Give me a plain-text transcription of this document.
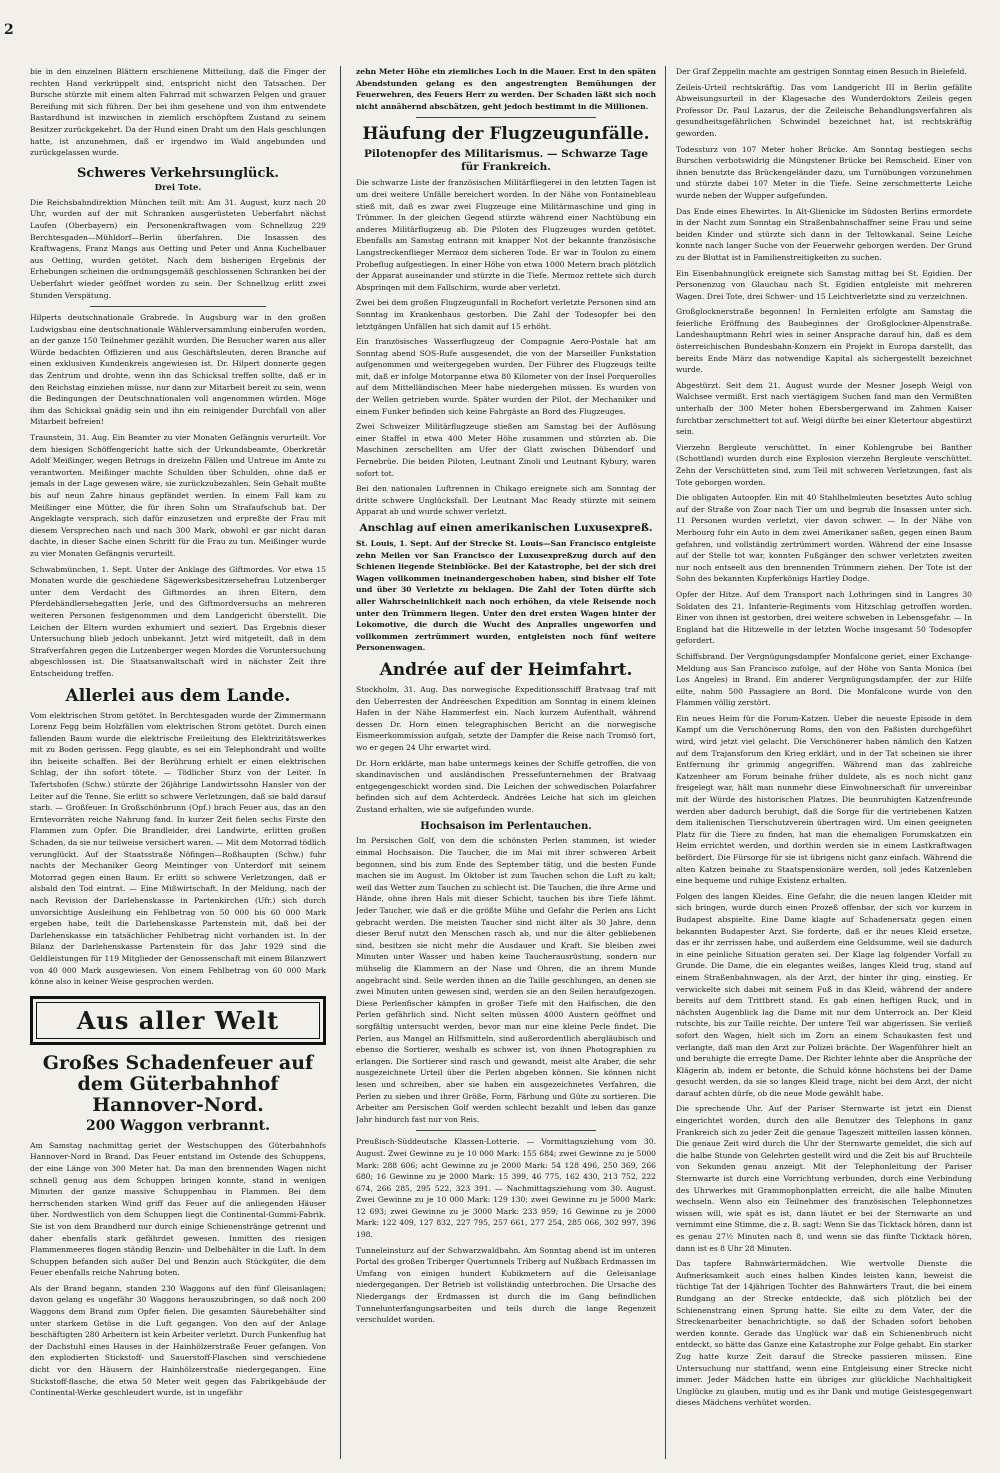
2

bie in den einzelnen Blättern erschienene Mitteilung, daß die Finger der rechten Hand verkrüppelt sind, entspricht nicht den Tatsachen. Der Bursche stürzte mit einem alten Fahrrad mit schwarzen Felgen und grauer Bereifung mit sich führen. Der bei ihm gesehene und von ihm entwendete Bastardhund ist inzwischen in ziemlich erschöpftem Zustand zu seinem Besitzer zurückgekehrt. Da der Hund einen Draht um den Hals geschlungen hatte, ist anzunehmen, daß er irgendwo im Wald angebunden und zurückgelassen wurde.

Schweres Verkehrsunglück.
Drei Tote.

Die Reichsbahndirektion München teilt mit: Am 31. August, kurz nach 20 Uhr, wurden auf der mit Schranken ausgerüsteten Ueberfahrt nächst Laufen (Oberbayern) ein Personenkraftwagen vom Schnellzug 229 Berchtesgaden—Mühldorf—Berlin überfahren. Die Insassen des Kraftwagens, Franz Mangs aus Oetting und Peter und Anna Kuchelbauer aus Oetting, wurden getötet. Nach dem bisherigen Ergebnis der Erhebungen scheinen die ordnungsgemäß geschlossenen Schranken bei der Ueberfahrt wieder geöffnet worden zu sein. Der Schnellzug erlitt zwei Stunden Verspätung.

Hilperts deutschnationale Grabrede. In Augsburg war in den großen Ludwigsbau eine deutschnationale Wählerversammlung einberufen worden, an der ganze 150 Teilnehmer gezählt wurden. Die Besucher waren aus aller Würde bedachten Offizieren und aus Geschäftsleuten, deren Branche auf einen exklusiven Kundenkreis angewiesen ist. Dr. Hilpert donnerte gegen das Zentrum und drohte, wenn ihn das Schicksal treffen sollte, daß er in den Reichstag einziehen müsse, nur dann zur Mitarbeit bereit zu sein, wenn die Bedingungen der Deutschnationalen voll angenommen würden. Möge ihm das Schicksal gnädig sein und ihn ein reinigender Durchfall von aller Mitarbeit befreien!

Traunstein, 31. Aug. Ein Beamter zu vier Monaten Gefängnis verurteilt. Vor dem hiesigen Schöffengericht hatte sich der Urkundsbeamte, Oberkretär Adolf Meißinger, wegen Betrugs in dreizehn Fällen und Untreue im Amte zu verantworten. Meißinger machte Schulden über Schulden, ohne daß er jemals in der Lage gewesen wäre, sie zurückzubezahlen. Sein Gehalt mußte bis auf neun Zahre hinaus gepfändet werden. In einem Fall kam zu Meißinger eine Mütter, die für ihren Sohn um Strafaufschub bat. Der Angeklagte versprach, sich dafür einzusetzen und erpreßte der Frau mit diesem Versprechen nach und nach 300 Mark, obwohl er gar nicht daran dachte, in dieser Sache einen Schritt für die Frau zu tun. Meißinger wurde zu vier Monaten Gefängnis verurteilt.

Schwabmünchen, 1. Sept. Unter der Anklage des Giftmordes. Vor etwa 15 Monaten wurde die geschiedene Sägewerksbesitzersehefrau Lutzenberger unter dem Verdacht des Giftmordes an ihren Eltern, dem Pferdehändlersehegatten Jerle, und des Giftmordversuchs an mehreren weiteren Personen festgenommen und dem Landgericht überstellt. Die Leichen der Eltern wurden exhumiert und seziert. Das Ergebnis dieser Untersuchung blieb jedoch unbekannt. Jetzt wird mitgeteilt, daß in dem Strafverfahren gegen die Lutzenberger wegen Mordes die Voruntersuchung abgeschlossen ist. Die Staatsanwaltschaft wird in nächster Zeit ihre Entscheidung treffen.

Allerlei aus dem Lande.

Vom elektrischen Strom getötet. In Berchtesgaden wurde der Zimmermann Lorenz Fegg beim Holzfällen vom elektrischen Strom getötet. Durch einen fallenden Baum wurde die elektrische Freileitung des Elektrizitätswerkes mit zu Boden gerissen. Fegg glaubte, es sei ein Telephondraht und wollte ihn beiseite schaffen. Bei der Berührung erhielt er einen elektrischen Schlag, der ihn sofort tötete. — Tödlicher Sturz von der Leiter. In Tafertshofen (Schw.) stürzte der 26jährige Landwirtssohn Hansler von der Leiter auf die Tenne. Sie erlitt so schwere Verletzungen, daß sie bald darauf starb. — Großfeuer. In Großschönbrunn (Opf.) brach Feuer aus, das an den Erntevorräten reiche Nahrung fand. In kurzer Zeit fielen sechs Firste den Flammen zum Opfer. Die Brandleider, drei Landwirte, erlitten großen Schaden, da sie nur teilweise versichert waren. — Mit dem Motorrad tödlich verunglückt. Auf der Staatsstraße Nöfingen—Roßhaupten (Schw.) fuhr nachts der Mechaniker Georg Meintinger von Unterdorf mit seinem Motorrad gegen einen Baum. Er erlitt so schwere Verletzungen, daß er alsbald den Tod eintrat. — Eine Mißwirtschaft. In der Meldung, nach der nach Revision der Darlehenskasse in Partenkirchen (Ufr.) sich durch unvorsichtige Ausleihung ein Fehlbetrag von 50 000 bis 60 000 Mark ergeben habe, teilt die Darlehenskasse Partenstein mit, daß bei der Darlehenskasse ein tatsächlicher Fehlbetrag nicht vorhanden ist. In der Bilanz der Darlehenskasse Partenstein für das Jahr 1929 sind die Geldleistungen für 119 Mitglieder der Genossenschaft mit einem Bilanzwert von 40 000 Mark ausgewiesen. Von einem Fehlbetrag von 60 000 Mark könne also in keiner Weise gesprochen werden.

Aus aller Welt
Großes Schadenfeuer auf dem Güterbahnhof Hannover-Nord.
200 Waggon verbrannt.

Am Samstag nachmittag geriet der Westschuppen des Güterbahnhofs Hannover-Nord in Brand. Das Feuer entstand im Ostende des Schuppens, der eine Länge von 300 Meter hat. Da man den brennenden Wagen nicht schnell genug aus dem Schuppen bringen konnte, stand in wenigen Minuten der ganze massive Schuppenbau in Flammen. Bei dem herrschenden starken Wind griff das Feuer auf die anliegenden Häuser über. Nordwestlich von dem Schuppen liegt die Continental-Gummi-Fabrik. Sie ist von dem Brandherd nur durch einige Schienenstränge getrennt und daher ebenfalls stark gefährdet gewesen. Inmitten des riesigen Flammenmeeres flogen ständig Benzin- und Delbehälter in die Luft. In dem Schuppen befanden sich außer Del und Benzin auch Stückgüter, die dem Feuer ebenfalls reiche Nahrung boten.

Als der Brand begann, standen 230 Waggons auf den fünf Gleisanlagen; davon gelang es ungefähr 30 Waggons herauszubringen, so daß noch 200 Waggons dem Brand zum Opfer fielen. Die gesamten Säurebehälter sind unter starkem Getöse in die Luft gegangen. Von den auf der Anlage beschäftigten 280 Arbeitern ist kein Arbeiter verletzt. Durch Funkenflug hat der Dachstuhl eines Hauses in der Hainhölzerstraße Feuer gefangen. Von den explodierten Stickstoff- und Sauerstoff-Flaschen sind verschiedene dicht vor den Häusern der Hainhölzerstraße niedergegangen. Eine Stickstoff-flasche, die etwa 50 Meter weit gegen das Fabrikgebäude der Continental-Werke geschleudert wurde, ist in ungefähr

zehn Meter Höhe ein ziemliches Loch in die Mauer. Erst in den späten Abendstunden gelang es den angestrengten Bemühungen der Feuerwehren, des Feuers Herr zu werden. Der Schaden läßt sich noch nicht annähernd abschätzen, geht jedoch bestimmt in die Millionen.

Häufung der Flugzeugunfälle.
Pilotenopfer des Militarismus. — Schwarze Tage für Frankreich.

Die schwarze Liste der französischen Militärfliegerei in den letzten Tagen ist um drei weitere Unfälle bereichert worden. In der Nähe von Fontainebleau stieß mit, daß es zwar zwei Flugzeuge eine Militärmaschine und ging in Trümmer. In der gleichen Gegend stürzte während einer Nachtübung ein anderes Militärflugzeug ab. Die Piloten des Flugzeuges wurden getötet. Ebenfalls am Samstag entrann mit knapper Not der bekannte französische Langstreckenflieger Mermoz dem sicheren Tode. Er war in Toulon zu einem Probeflug aufgestiegen. In einer Höhe von etwa 1000 Metern brach plötzlich der Apparat auseinander und stürzte in die Tiefe. Mermoz rettete sich durch Absprinqen mit dem Fallschirm, wurde aber verletzt.

Zwei bei dem großen Flugzeugunfall in Rochefort verletzte Personen sind am Sonntag im Krankenhaus gestorben. Die Zahl der Todesopfer bei den letztgängen Unfällen hat sich damit auf 15 erhöht.

Ein französisches Wasserflugzeug der Compagnie Aero-Postale hat am Sonntag abend SOS-Rufe ausgesendet, die von der Marseiller Funkstation aufgenommen und weitergegeben wurden. Der Führer des Flugzeugs teilte mit, daß er infolge Motorpanne etwa 80 Kilometer von der Insel Porquerolles auf dem Mittelländischen Meer habe niedergehen müssen. Es wurden von der Wellen getrieben wurde. Später wurden der Pilot, der Mechaniker und einem Funker befinden sich keine Fahrgäste an Bord des Flugzeuges.

Zwei Schweizer Militärflugzeuge stießen am Samstag bei der Auflösung einer Staffel in etwa 400 Meter Höhe zusammen und stürzten ab. Die Maschinen zerschellten am Ufer der Glatt zwischen Dübendorf und Fernebrüe. Die beiden Piloten, Leutnant Zinoli und Leutnant Kybury, waren sofort tot.

Bei den nationalen Luftrennen in Chikago ereignete sich am Sonntag der dritte schwere Unglücksfall. Der Leutnant Mac Ready stürzte mit seinem Apparat ab und wurde schwer verletzt.

Anschlag auf einen amerikanischen Luxusexpreß.

St. Louis, 1. Sept. Auf der Strecke St. Louis—San Francisco entgleiste zehn Meilen vor San Francisco der Luxusexpreßzug durch auf den Schienen liegende Steinblöcke. Bei der Katastrophe, bei der sich drei Wagen vollkommen ineinandergeschoben haben, sind bisher elf Tote und über 30 Verletzte zu beklagen. Die Zahl der Toten dürfte sich aller Wahrscheinlichkeit nach noch erhöhen, da viele Reisende noch unter den Trümmern liegen. Unter den drei ersten Wagen hinter der Lokomotive, die durch die Wucht des Anpralles ungeworfen und vollkommen zertrümmert wurden, entgleisten noch fünf weitere Personenwagen.

Andrée auf der Heimfahrt.

Stockholm, 31. Aug. Das norwegische Expeditionsschiff Bratvaag traf mit den Ueberresten der Andréeschen Expedition am Sonntag in einem kleinen Hafen in der Nähe Hammerfest ein. Nach kurzem Aufenthalt, während dessen Dr. Horn einen telegraphischen Bericht an die norwegische Eismeerkommission aufgab, setzte der Dampfer die Reise nach Tromsö fort, wo er gegen 24 Uhr erwartet wird.

Dr. Horn erklärte, man habe untermegs keines der Schiffe getroffen, die von skandinavischen und ausländischen Pressefunternehmen der Bratvaag entgegengeschickt worden sind. Die Leichen der schwedischen Polarfahrer befinden sich auf dem Achterdeck. Andrées Leiche hat sich im gleichen Zustand erhalten, wie sie aufgefunden wurde.

Hochsaison im Perlentauchen.

Im Persischen Golf, von dem die schönsten Perlen stammen, ist wieder einmal Hochsaison. Die Taucher, die im Mai mit ihrer schweren Arbeit begonnen, sind bis zum Ende des September tätig, und die besten Funde machen sie im August. Im Oktober ist zum Tauchen schon die Luft zu kalt; weil das Wetter zum Tauchen zu schlecht ist. Die Tauchen, die ihre Arme und Hände, ohne ihren Hals mit dieser Schicht, tauchen bis ihre Tiefe lähmt. Jeder Taucher, wie daß er die größte Mühe und Gefahr die Perlen ans Licht gebracht werden. Die meisten Taucher sind nicht älter als 30 Jahre, denn dieser Beruf nutzt den Menschen rasch ab, und nur die älter gebliebenen sind, besitzen sie nicht mehr die Ausdauer und Kraft. Sie bleiben zwei Minuten unter Wasser und haben keine Taucherausrüstung, sondern nur mühselig die Klammern an der Nase und Ohren, die an ihrem Munde angebracht sind. Seile werden ihnen an die Taille geschlungen, an denen sie zwei Minuten unten gewesen sind, werden sie an den Seilen heraufgezogen. Diese Perlenfischer kämpfen in großer Tiefe mit den Haifischen, die den Perlen gefährlich sind. Nicht selten müssen 4000 Austern geöffnet und sorgfältig untersucht werden, bevor man nur eine kleine Perle findet. Die Perlen, aus Mangel an Hilfsmitteln, sind außerordentlich abergläubisch und ebenso die Sortierer, weshalb es schwer ist, von ihnen Photographien zu erlangen. Die Sortierer sind rasch und gewandt, meist alte Araber, die sehr ausgezeichnete Urteil über die Perlen abgeben können. Sie können nicht lesen und schreiben, aber sie haben ein ausgezeichnetes Verfahren, die Perlen zu sieben und ihrer Größe, Form, Färbung und Güte zu sortieren. Die Arbeiter am Persischen Golf werden schlecht bezahlt und leben das ganze Jahr hindurch fast nur von Reis.

Preußisch-Süddeutsche Klassen-Lotterie. — Vormittagsziehung vom 30. August. Zwei Gewinne zu je 10 000 Mark: 155 684; zwei Gewinne zu je 5000 Mark: 288 606; acht Gewinne zu je 2000 Mark: 54 128 496, 250 369, 266 680; 16 Gewinne zu je 2000 Mark: 15 399, 46 775, 162 430, 213 752, 222 674, 266 285, 295 522, 323 391. — Nachmittagsziehung vom 30. August. Zwei Gewinne zu je 10 000 Mark: 129 130; zwei Gewinne zu je 5000 Mark: 12 693; zwei Gewinne zu je 3000 Mark: 233 959; 16 Gewinne zu je 2000 Mark: 122 409, 127 832, 227 795, 257 661, 277 254, 285 066, 302 997, 396 198.

Tunneleinsturz auf der Schwarzwaldbahn. Am Sonntag abend ist im unteren Portal des großen Triberger Quertunnels Triberg auf Nußbach Erdmassen im Umfang von einigen hundert Kubikmetern auf die Geleisanlage niedergegangen. Der Betrieb ist vollständig unterbrochen. Die Ursache des Niedergangs der Erdmassen ist durch die im Gang befindlichen Tunnelunterfangungsarbeiten und teils durch die lange Regenzeit verschuldet worden.

Der Graf Zeppelin machte am gestrigen Sonntag einen Besuch in Bielefeld.

Zeileis-Urteil rechtskräftig. Das vom Landgericht III in Berlin gefällte Abweisungsurteil in der Klagesache des Wunderdoktors Zeileis gegen Professor Dr. Paul Lazarus, der die Zeileische Behandlungsverfahren als gesundheitsgefährlichen Schwindel bezeichnet hat, ist rechtskräftig geworden.

Todessturz von 107 Meter hoher Brücke. Am Sonntag bestiegen sechs Burschen verbotswidrig die Müngstener Brücke bei Remscheid. Einer von ihnen benutzte das Brückengeländer dazu, um Turnübungen vorzunehmen und stürzte dabei 107 Meter in die Tiefe. Seine zerschmetterte Leiche wurde neben der Wupper aufgefunden.

Das Ende eines Ehewirtes. In Alt-Glienicke im Südosten Berlins ermordete in der Nacht zum Sonntag ein Straßenbahnschaffner seine Frau und seine beiden Kinder und stürzte sich dann in der Teltowkanal. Seine Leiche konnte nach langer Suche von der Feuerwehr geborgen werden. Der Grund zu der Bluttat ist in Familienstreitigkeiten zu suchen.

Ein Eisenbahnunglück ereignete sich Samstag mittag bei St. Egidien. Der Personenzug von Glauchau nach St. Egidien entgleiste mit mehreren Wagen. Drei Tote, drei Schwer- und 15 Leichtverletzte sind zu verzeichnen.

Großglocknerstraße begonnen! In Fernleiten erfolgte am Samstag die feierliche Eröffnung des Baubeginnes der Großglockner-Alpenstraße. Landeshauptmann Rehrl wies in seiner Ansprache darauf hin, daß es dem österreichischen Bundesbahn-Konzern ein Projekt in Europa darstellt, das bereits Ende März das notwendige Kapital als sichergestellt bezeichnet wurde.

Abgestürzt. Seit dem 21. August wurde der Mesner Joseph Weigl von Walchsee vermißt. Erst nach viertägigem Suchen fand man den Vermißten unterhalb der 300 Meter hohen Ebersbergerwand im Zahmen Kaiser furchtbar zerschmettert tot auf. Weigl dürfte bei einer Kletertour abgestürzt sein.

Vierzehn Bergleute verschüttet. In einer Kohlengrube bei Banther (Schottland) wurden durch eine Explosion vierzehn Bergleute verschüttet. Zehn der Verschütteten sind, zum Teil mit schweren Verletzungen, fast als Tote geborgen worden.

Die obligaten Autoopfer. Ein mit 40 Stahlhelmleuten besetztes Auto schlug auf der Straße von Zoar nach Tier um und begrub die Insassen unter sich. 11 Personen wurden verletzt, vier davon schwer. — In der Nähe von Merbourg fuhr ein Auto in dem zwei Amerikaner saßen, gegen einen Baum gefahren, und vollständig zertrümmert worden. Während der eine Insasse auf der Stelle tot war, konnten Fußgänger den schwer verletzten zweiten nur noch entseelt aus den brennenden Trümmern ziehen. Der Tote ist der Sohn des bekannten Kupferkönigs Hartley Dodge.

Opfer der Hitze. Auf dem Transport nach Lothringen sind in Langres 30 Soldaten des 21. Infanterie-Regiments vom Hitzschlag getroffen worden. Einer von ihnen ist gestorben, drei weitere schweben in Lebensgefahr. — In England hat die Hitzewelle in der letzten Woche insgesamt 50 Todesopfer gefordert.

Schiffsbrand. Der Vergnügungsdampfer Monfalcone geriet, einer Exchange-Meldung aus San Francisco zufolge, auf der Höhe von Santa Monica (bei Los Angeles) in Brand. Ein anderer Vergnügungsdampfer, der zur Hilfe eilte, nahm 500 Passagiere an Bord. Die Monfalcone wurde von den Flammen völlig zerstört.

Ein neues Heim für die Forum-Katzen. Ueber die neueste Episode in dem Kampf um die Verschönerung Roms, den von den Faßisten durchgeführt wird, wird jetzt viel gelacht. Die Verschönerer haben nämlich den Katzen auf dem Trajansforum den Krieg erklärt, und in der Tat scheinen sie ihrer Entfernung ihr grimmig angegriffen. Während man das zahlreiche Katzenheer am Forum beinahe früher duldete, als es noch nicht ganz freigelegt war, hält man nunmehr diese Einwohnerschaft für unvereinbar mit der Würde des historischen Platzes. Die beunruhigten Katzenfreunde werden aber dadurch beruhigt, daß die Sorge für die vertriebenen Katzen dem italienischen Tierschutzverein übertragen wird. Um einen geeigneten Platz für die Tiere zu finden, hat man die ehemaligen Forumskatzen ein Heim errichtet werden, und dorthin werden sie in einem Lastkraftwagen befördert. Die Fürsorge für sie ist übrigens nicht ganz einfach. Während die alten Katzen beinahe zu Staatspensionäre werden, soll jedes Katzenleben eine bequeme und ruhige Existenz erhalten.

Folgen des langen Kleides. Eine Gefahr, die die neuen langen Kleider mit sich bringen, wurde durch einen Prozeß offenbar, der sich vor kurzem in Budapest abspielte. Eine Dame klagte auf Schadenersatz gegen einen bekannten Budapester Arzt. Sie forderte, daß er ihr neues Kleid ersetze, das er ihr zerrissen habe, und außerdem eine Geldsumme, weil sie dadurch in eine peinliche Situation geraten sei. Der Klage lag folgender Vorfall zu Grunde. Die Dame, die ein elegantes weißes, langes Kleid trug, stand auf einem Straßenbahnwagen, als der Arzt, der hinter ihr ging, einstieg. Er verwickelte sich dabei mit seinem Fuß in das Kleid, während der andere bereits auf dem Trittbrett stand. Es gab einen heftigen Ruck, und in nächsten Augenblick lag die Dame mit nur dem Unterrock an. Der Kleid rutschte, bis zur Taille reichte. Der untere Teil war abgerissen. Sie verließ sofort den Wagen, hielt sich im Zorn an einem Schaukasten fest und verlangte, daß man den Arzt zur Polizei brächte. Der Wagenführer hielt an und beruhigte die erregte Dame. Der Richter lehnte aber die Ansprüche der Klägerin ab, indem er betonte, die Schuld könne höchstens bei der Dame gesucht werden, da sie so langes Kleid trage, nicht bei dem Arzt, der nicht darauf achten dürfe, ob die neue Mode gewählt habe.

Die sprechende Uhr. Auf der Pariser Sternwarte ist jetzt ein Dienst eingerichtet worden, durch den alle Benutzer des Telephons in ganz Frankreich sich zu jeder Zeit die genaue Tageszeit mitteilen lassen können. Die genaue Zeit wird durch die Uhr der Sternwarte gemeldet, die sich auf die halbe Stunde von Gelehrten gestellt wird und die Zeit bis auf Bruchteile von Sekunden genau anzeigt. Mit der Telephonleitung der Pariser Sternwarte ist durch eine Vorrichtung verbunden, durch eine Verbindung des Uhrwerkes mit Grammophonplatten erreicht, die alle halbe Minuten wechseln. Wenn also ein Teilnehmer des französischen Telephonnetzes wissen will, wie spät es ist, dann läutet er bei der Sternwarte an und vernimmt eine Stimme, die z. B. sagt: Wenn Sie das Ticktack hören, dann ist es genau 27½ Minuten nach 8, und wenn sie das fünfte Ticktack hören, dann ist es 8 Uhr 28 Minuten.

Das tapfere Bahnwärtermädchen. Wie wertvolle Dienste die Aufmerksamkeit auch eines halben Kindes leisten kann, beweist die tüchtige Tat der 14jährigen Tochter des Bahnwärters Traut, die bei einem Rundgang an der Strecke entdeckte, daß sich plötzlich bei der Schienenstrang einen Sprung hatte. Sie eilte zu dem Vater, der die Streckenarbeiter benachrichtigte, so daß der Schaden sofort behoben werden konnte. Gerade das Unglück war daß ein Schienenbruch nicht entdeckt, so hätte das Ganze eine Katastrophe zur Folge gehabt. Ein starker Zug hatte kurze Zeit darauf die Strecke passieren müssen. Eine Untersuchung nur stattfand, wenn eine Entgleisung einer Strecke nicht immer. Jeder Mädchen hatte ein übriges zur glückliche Nachhaltigkeit Unglücke zu glauben, mutig und es ihr Dank und mutige Geistesgegenwart dieses Mädchens verhütet worden.
